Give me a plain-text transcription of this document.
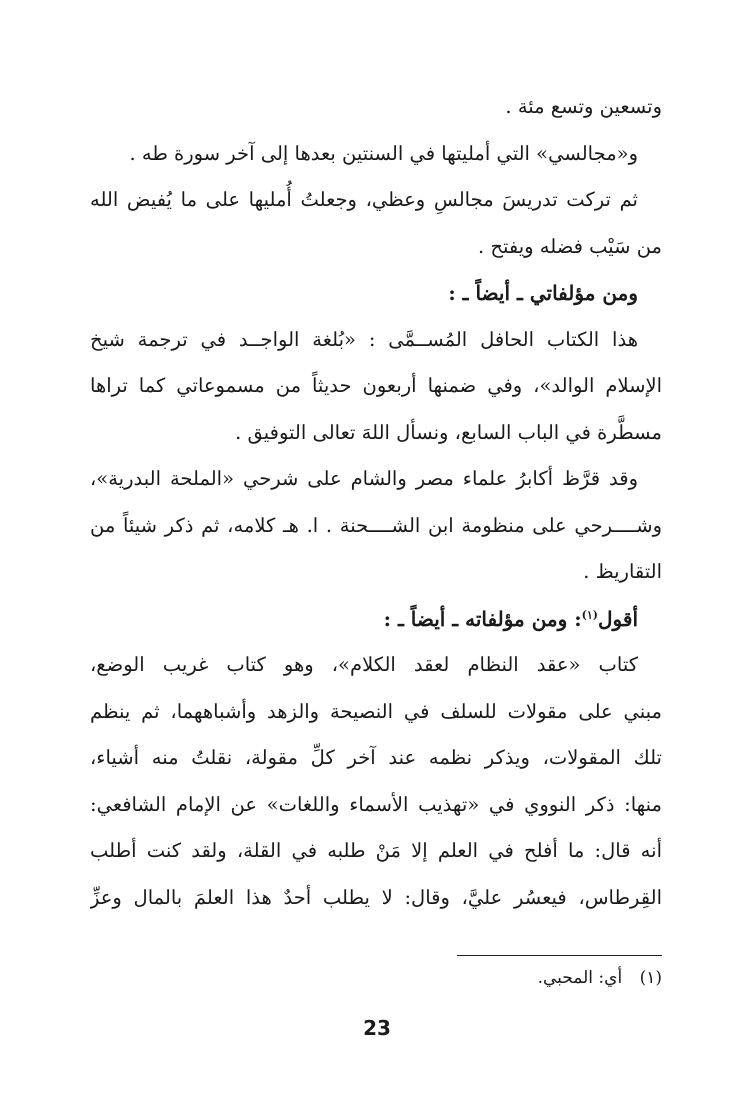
وتسعين وتسع مئة .
و«مجالسي» التي أمليتها في السنتين بعدها إلى آخر سورة طه .
ثم تركت تدريسَ مجالسِ وعظي، وجعلتُ أُمليها على ما يُفيض الله
من سَيْب فضله ويفتح .
ومن مؤلفاتي ـ أيضاً ـ :
هذا الكتاب الحافل المُســمَّى : «بُلغة الواجــد في ترجمة شيخ
الإسلام الوالد»، وفي ضمنها أربعون حديثاً من مسموعاتي كما تراها
مسطَّرة في الباب السابع، ونسأل اللهَ تعالى التوفيق .
وقد قرَّظ أكابرُ علماء مصر والشام على شرحي «الملحة البدرية»،
وشــــرحي على منظومة ابن الشــــحنة . ا. هـ كلامه، ثم ذكر شيئاً من
التقاريظ .
أقول$^{(١)}$: ومن مؤلفاته ـ أيضاً ـ :
كتاب «عقد النظام لعقد الكلام»، وهو كتاب غريب الوضع،
مبني على مقولات للسلف في النصيحة والزهد وأشباههما، ثم ينظم
تلك المقولات، ويذكر نظمه عند آخر كلِّ مقولة، نقلتُ منه أشياء،
منها: ذكر النووي في «تهذيب الأسماء واللغات» عن الإمام الشافعي:
أنه قال: ما أفلح في العلم إلا مَنْ طلبه في القلة، ولقد كنت أطلب
القِرطاس، فيعسُر عليَّ، وقال: لا يطلب أحدٌ هذا العلمَ بالمال وعزِّ
(١) أي: المحبي.
23
